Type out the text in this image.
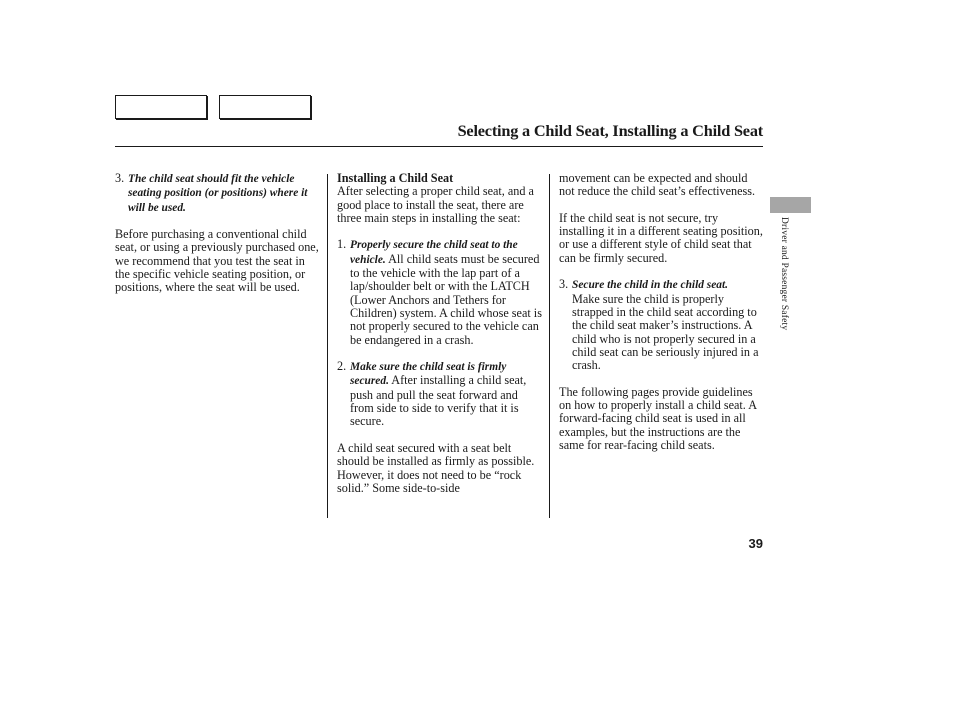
Selecting a Child Seat, Installing a Child Seat

3. The child seat should fit the vehicle seating position (or positions) where it will be used.

Before purchasing a conventional child seat, or using a previously purchased one, we recommend that you test the seat in the specific vehicle seating position, or positions, where the seat will be used.

Installing a Child Seat

After selecting a proper child seat, and a good place to install the seat, there are three main steps in installing the seat:

1. Properly secure the child seat to the vehicle. All child seats must be secured to the vehicle with the lap part of a lap/shoulder belt or with the LATCH (Lower Anchors and Tethers for Children) system. A child whose seat is not properly secured to the vehicle can be endangered in a crash.

2. Make sure the child seat is firmly secured. After installing a child seat, push and pull the seat forward and from side to side to verify that it is secure.

A child seat secured with a seat belt should be installed as firmly as possible. However, it does not need to be “rock solid.” Some side-to-side

movement can be expected and should not reduce the child seat’s effectiveness.

If the child seat is not secure, try installing it in a different seating position, or use a different style of child seat that can be firmly secured.

3. Secure the child in the child seat.
Make sure the child is properly strapped in the child seat according to the child seat maker’s instructions. A child who is not properly secured in a child seat can be seriously injured in a crash.

The following pages provide guidelines on how to properly install a child seat. A forward-facing child seat is used in all examples, but the instructions are the same for rear-facing child seats.

Driver and Passenger Safety
39
